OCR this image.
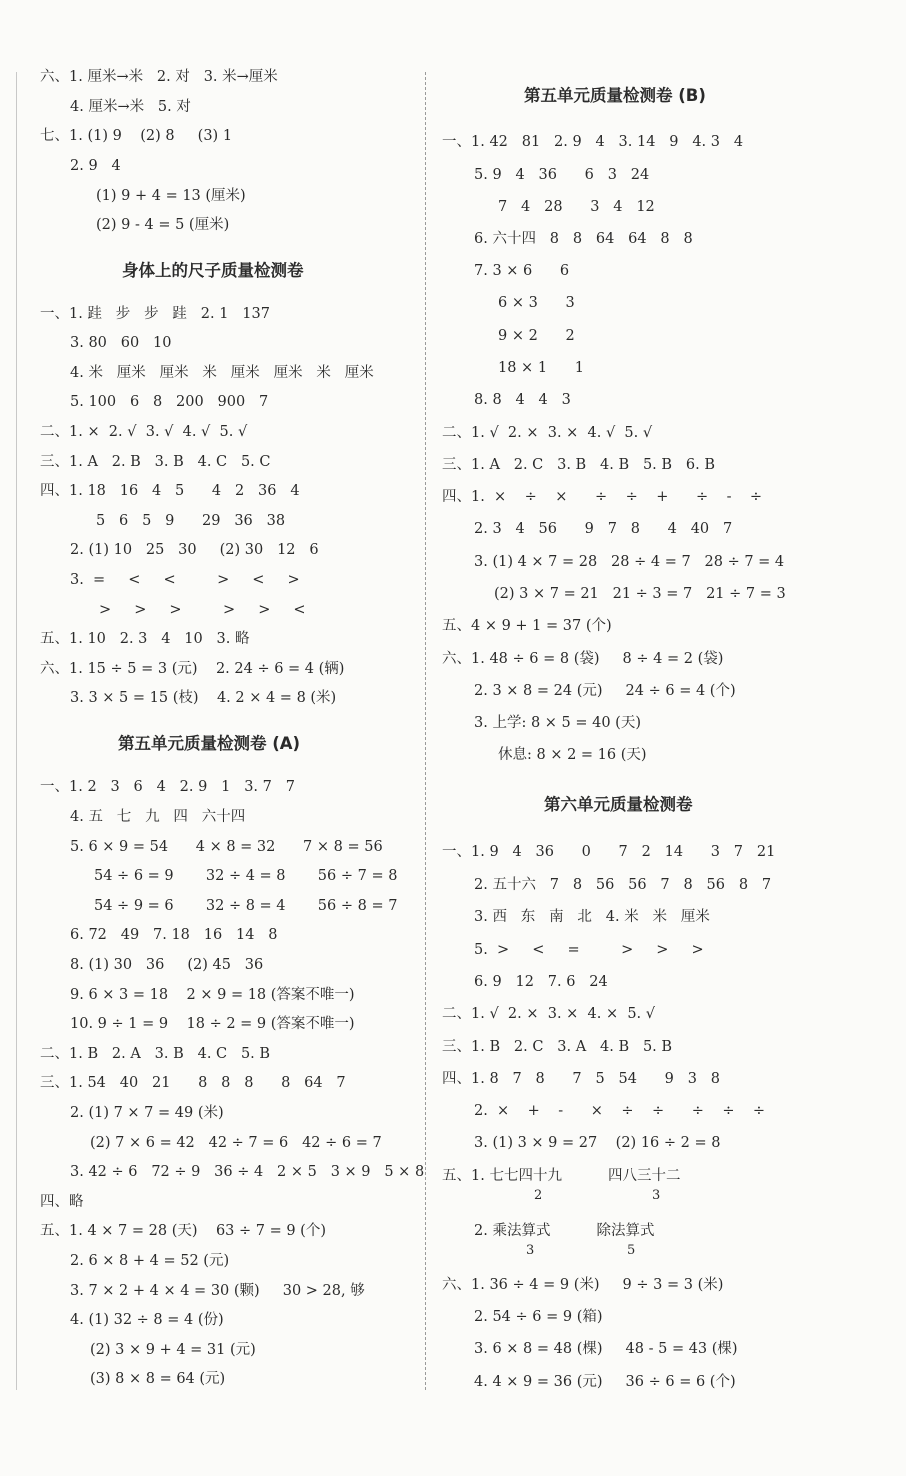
六、1. 厘米→米   2. 对   3. 米→厘米
4. 厘米→米   5. 对
七、1. (1) 9    (2) 8     (3) 1
2. 9   4
(1) 9 + 4 = 13 (厘米)
(2) 9 - 4 = 5 (厘米)
身体上的尺子质量检测卷
一、1. 跬   步   步   跬   2. 1   137
3. 80   60   10
4. 米   厘米   厘米   米   厘米   厘米   米   厘米
5. 100   6   8   200   900   7
二、1. ×  2. √  3. √  4. √  5. √
三、1. A   2. B   3. B   4. C   5. C
四、1. 18   16   4   5      4   2   36   4
5   6   5   9      29   36   38
2. (1) 10   25   30     (2) 30   12   6
3.  =     <     <         >     <     >
>     >     >         >     >     <
五、1. 10   2. 3   4   10   3. 略
六、1. 15 ÷ 5 = 3 (元)    2. 24 ÷ 6 = 4 (辆)
3. 3 × 5 = 15 (枝)    4. 2 × 4 = 8 (米)
第五单元质量检测卷 (A)
一、1. 2   3   6   4   2. 9   1   3. 7   7
4. 五   七   九   四   六十四
5. 6 × 9 = 54      4 × 8 = 32      7 × 8 = 56
54 ÷ 6 = 9       32 ÷ 4 = 8       56 ÷ 7 = 8
54 ÷ 9 = 6       32 ÷ 8 = 4       56 ÷ 8 = 7
6. 72   49   7. 18   16   14   8
8. (1) 30   36     (2) 45   36
9. 6 × 3 = 18    2 × 9 = 18 (答案不唯一)
10. 9 ÷ 1 = 9    18 ÷ 2 = 9 (答案不唯一)
二、1. B   2. A   3. B   4. C   5. B
三、1. 54   40   21      8   8   8      8   64   7
2. (1) 7 × 7 = 49 (米)
(2) 7 × 6 = 42   42 ÷ 7 = 6   42 ÷ 6 = 7
3. 42 ÷ 6   72 ÷ 9   36 ÷ 4   2 × 5   3 × 9   5 × 8
四、略
五、1. 4 × 7 = 28 (天)    63 ÷ 7 = 9 (个)
2. 6 × 8 + 4 = 52 (元)
3. 7 × 2 + 4 × 4 = 30 (颗)     30 > 28, 够
4. (1) 32 ÷ 8 = 4 (份)
(2) 3 × 9 + 4 = 31 (元)
(3) 8 × 8 = 64 (元)
第五单元质量检测卷 (B)
一、1. 42   81   2. 9   4   3. 14   9   4. 3   4
5. 9   4   36      6   3   24
7   4   28      3   4   12
6. 六十四   8   8   64   64   8   8
7. 3 × 6      6
6 × 3      3
9 × 2      2
18 × 1      1
8. 8   4   4   3
二、1. √  2. ×  3. ×  4. √  5. √
三、1. A   2. C   3. B   4. B   5. B   6. B
四、1.  ×    ÷    ×      ÷    ÷    +      ÷    -    ÷
2. 3   4   56      9   7   8      4   40   7
3. (1) 4 × 7 = 28   28 ÷ 4 = 7   28 ÷ 7 = 4
(2) 3 × 7 = 21   21 ÷ 3 = 7   21 ÷ 7 = 3
五、4 × 9 + 1 = 37 (个)
六、1. 48 ÷ 6 = 8 (袋)     8 ÷ 4 = 2 (袋)
2. 3 × 8 = 24 (元)     24 ÷ 6 = 4 (个)
3. 上学: 8 × 5 = 40 (天)
休息: 8 × 2 = 16 (天)
第六单元质量检测卷
一、1. 9   4   36      0      7   2   14      3   7   21
2. 五十六   7   8   56   56   7   8   56   8   7
3. 西   东   南   北   4. 米   米   厘米
5.  >     <     =         >     >     >
6. 9   12   7. 6   24
二、1. √  2. ×  3. ×  4. ×  5. √
三、1. B   2. C   3. A   4. B   5. B
四、1. 8   7   8      7   5   54      9   3   8
2.  ×    +    -      ×    ÷    ÷      ÷    ÷    ÷
3. (1) 3 × 9 = 27    (2) 16 ÷ 2 = 8
五、1. 七七四十九          四八三十二
2	3
2. 乘法算式          除法算式
3	5
六、1. 36 ÷ 4 = 9 (米)     9 ÷ 3 = 3 (米)
2. 54 ÷ 6 = 9 (箱)
3. 6 × 8 = 48 (棵)     48 - 5 = 43 (棵)
4. 4 × 9 = 36 (元)     36 ÷ 6 = 6 (个)
